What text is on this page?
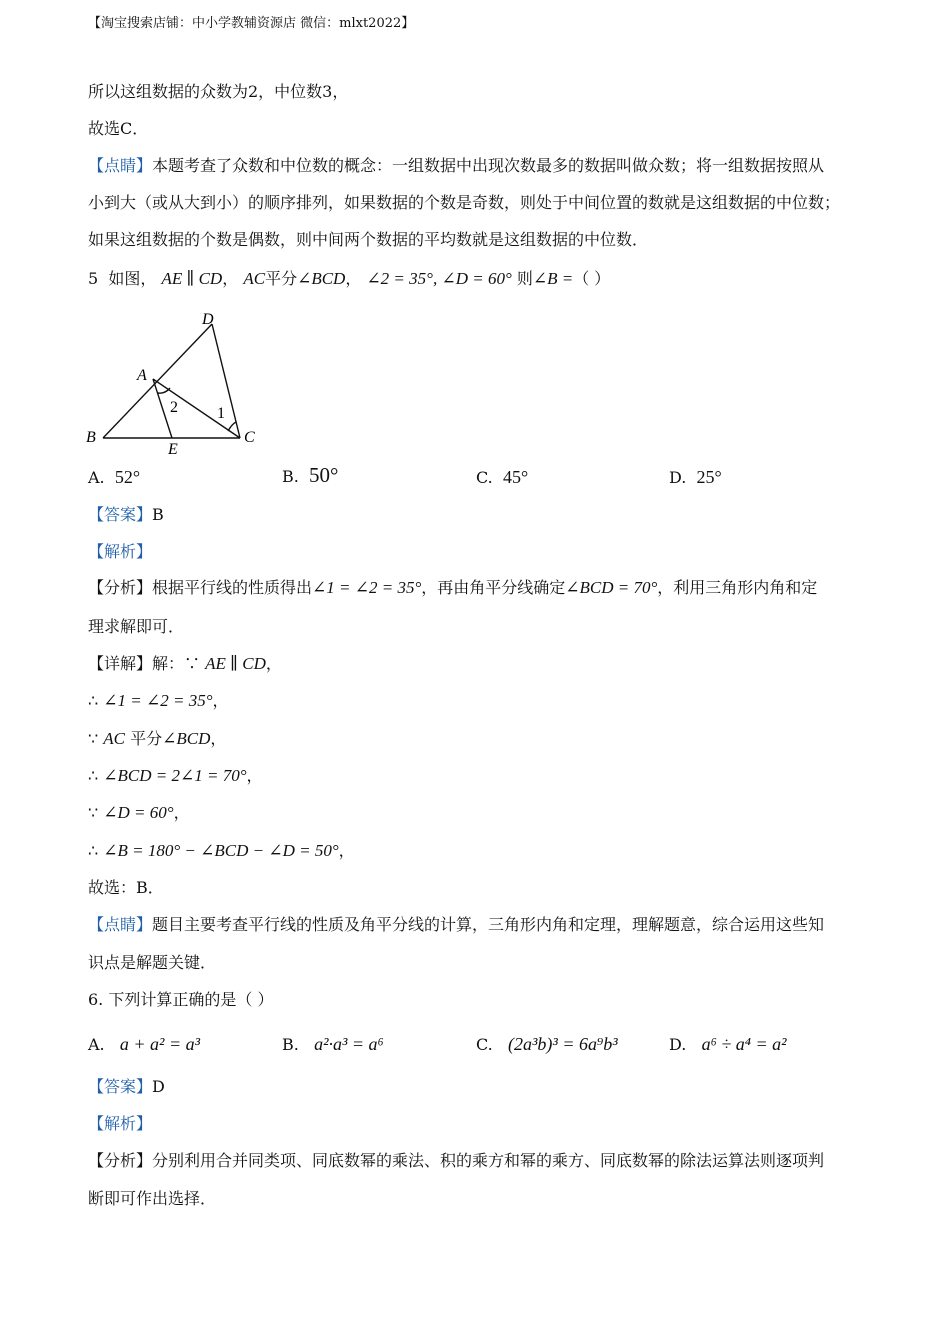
【淘宝搜索店铺：中小学教辅资源店 微信：mlxt2022】
所以这组数据的众数为2，中位数3，
故选C．
【点睛】本题考查了众数和中位数的概念：一组数据中出现次数最多的数据叫做众数；将一组数据按照从
小到大（或从大到小）的顺序排列，如果数据的个数是奇数，则处于中间位置的数就是这组数据的中位数；
如果这组数据的个数是偶数，则中间两个数据的平均数就是这组数据的中位数．
5 如图， AE ∥ CD， AC平分∠BCD， ∠2 = 35°, ∠D = 60° 则∠B =（ ）
D
A
B
E
C
2 1
A. 52°	B. 50°	C. 45°	D. 25°
【答案】B
【解析】
【分析】根据平行线的性质得出∠1 = ∠2 = 35°，再由角平分线确定∠BCD = 70°，利用三角形内角和定
理求解即可．
【详解】解：∵ AE ∥ CD，
∴ ∠1 = ∠2 = 35°，
∵ AC 平分∠BCD，
∴ ∠BCD = 2∠1 = 70°，
∵ ∠D = 60°，
∴ ∠B = 180° − ∠BCD − ∠D = 50°，
故选：B．
【点睛】题目主要考查平行线的性质及角平分线的计算，三角形内角和定理，理解题意，综合运用这些知
识点是解题关键．
6. 下列计算正确的是（ ）
A. a + a² = a³	B. a²·a³ = a⁶	C. (2a³b)³ = 6a⁹b³	D. a⁶ ÷ a⁴ = a²
【答案】D
【解析】
【分析】分别利用合并同类项、同底数幂的乘法、积的乘方和幂的乘方、同底数幂的除法运算法则逐项判
断即可作出选择．
